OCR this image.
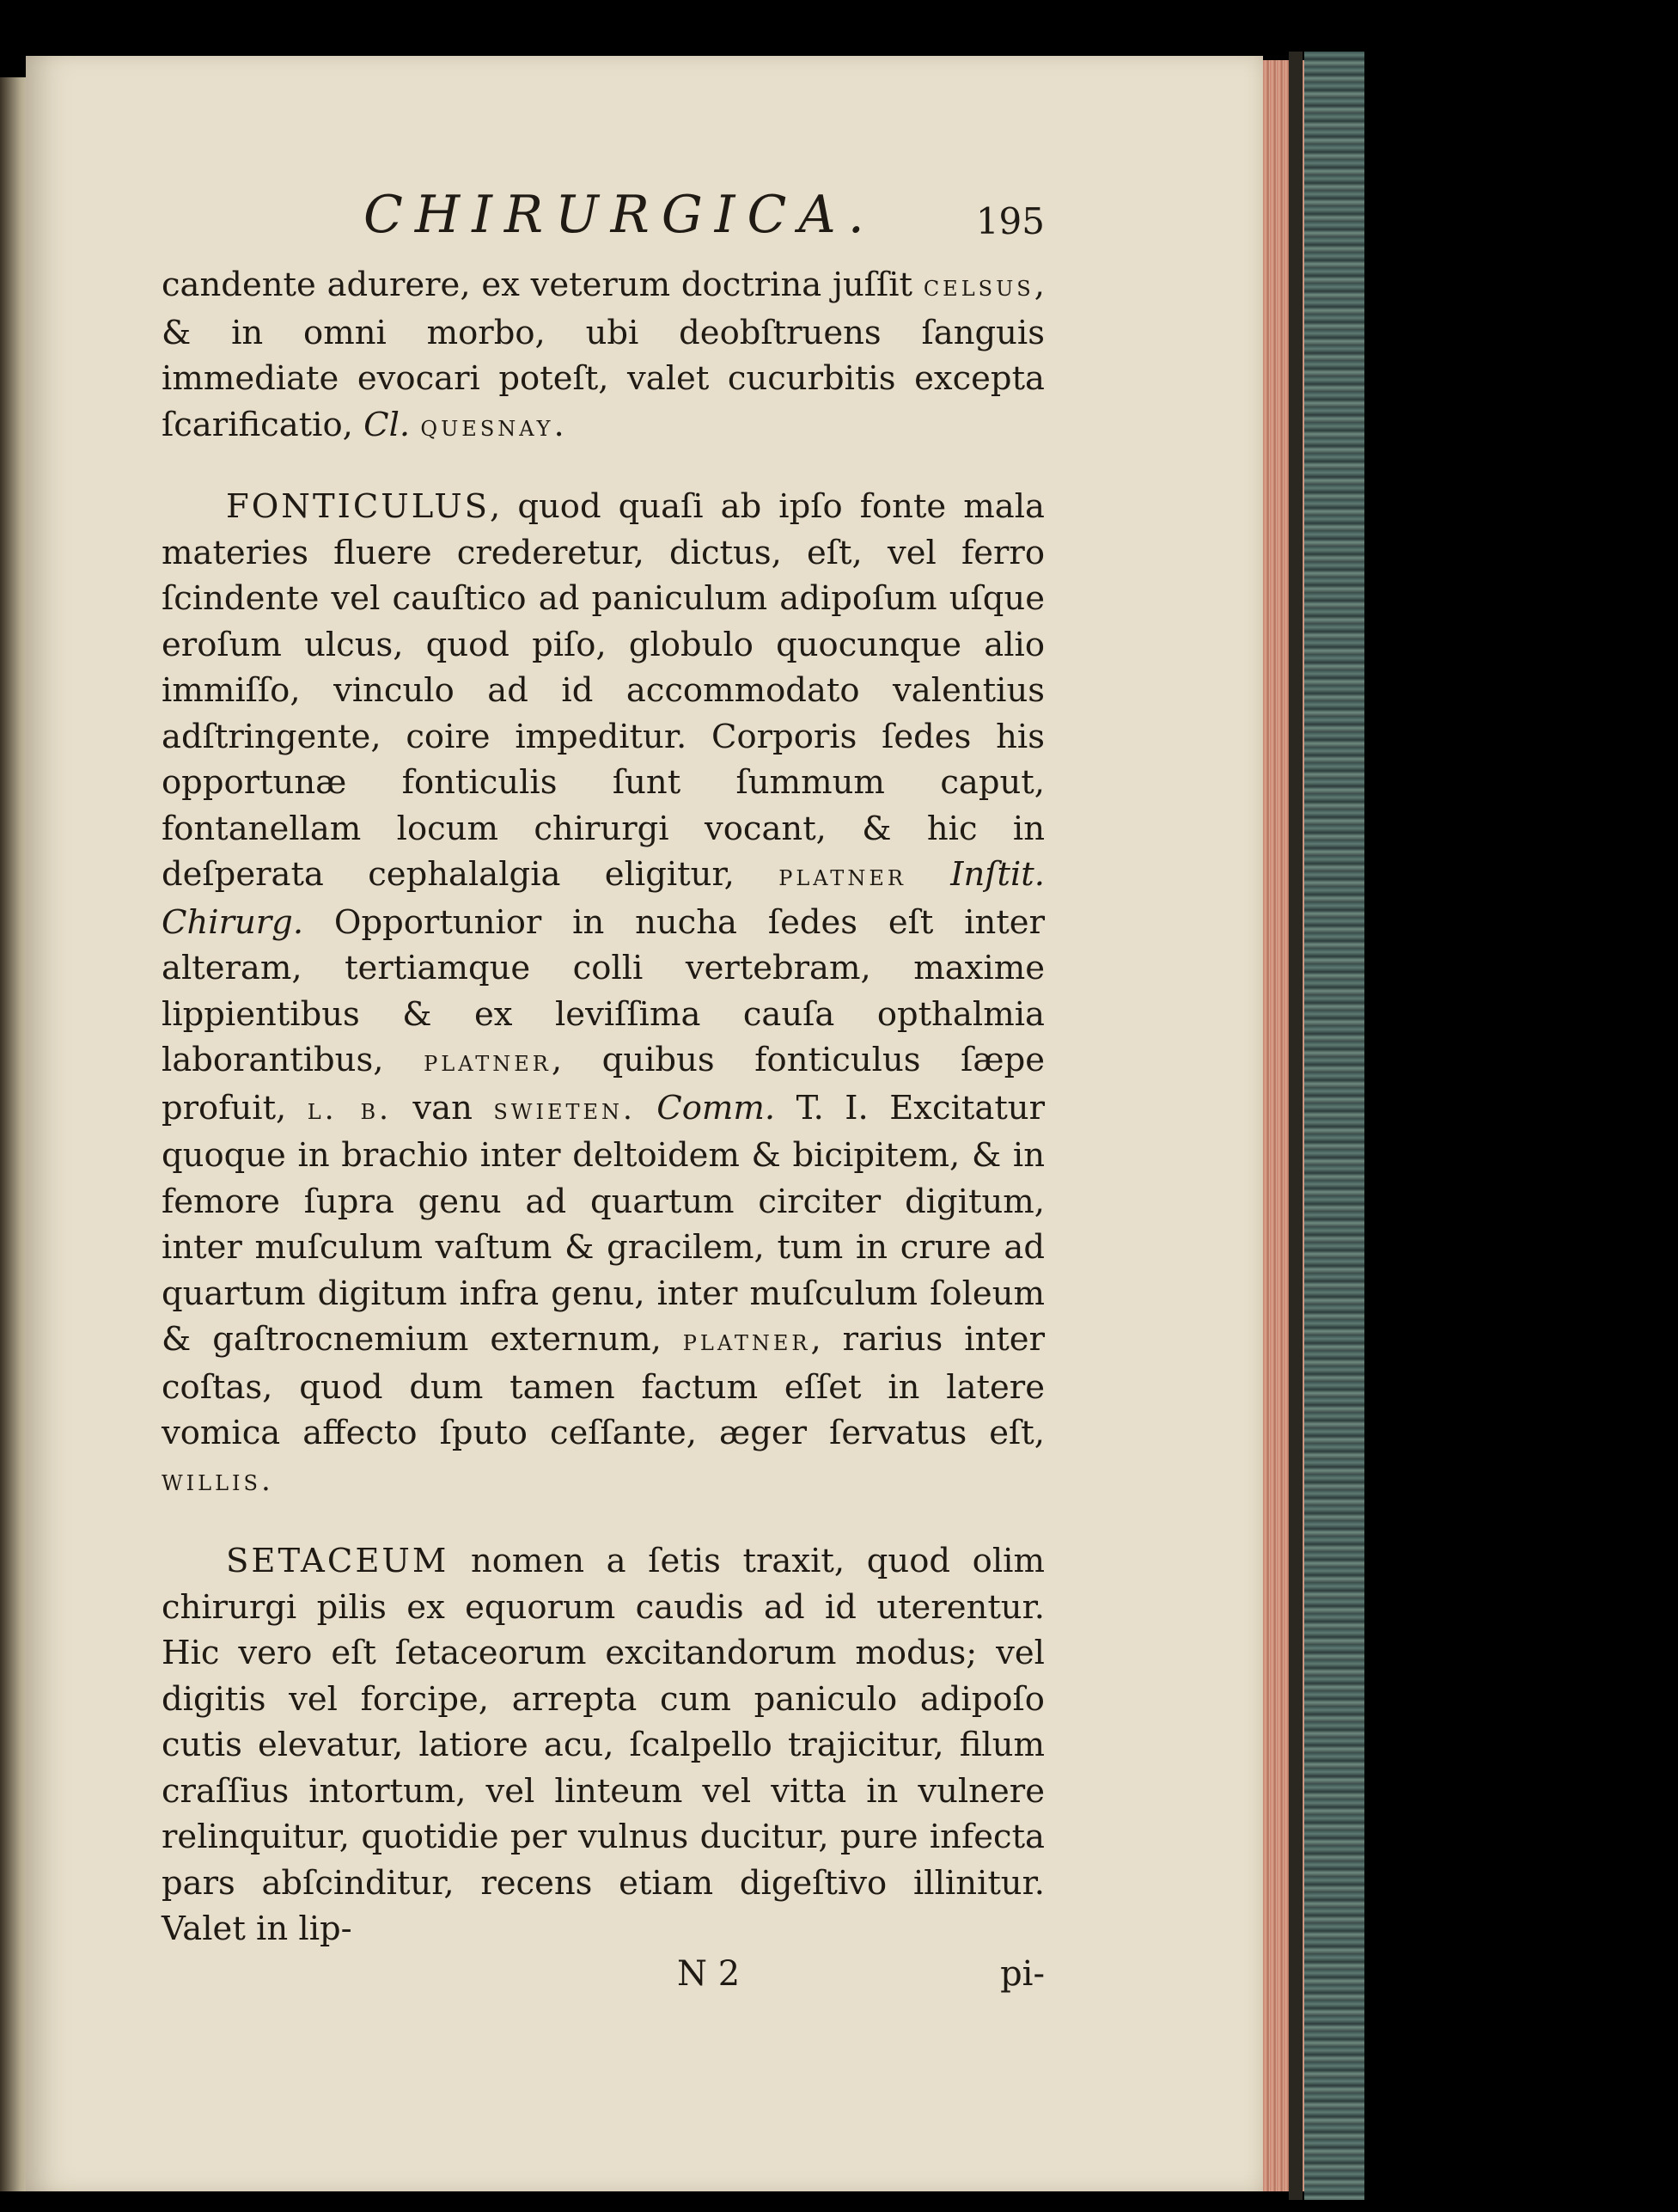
CHIRURGICA.	195

candente adurere, ex veterum doctrina juſſit celsus, & in omni morbo, ubi deobſtruens ſanguis immediate evocari poteſt, valet cucurbitis excepta ſcarificatio, Cl. quesnay.

FONTICULUS, quod quaſi ab ipſo fonte mala materies fluere crederetur, dictus, eſt, vel ferro ſcindente vel cauſtico ad paniculum adipoſum uſque eroſum ulcus, quod piſo, globulo quocunque alio immiſſo, vinculo ad id accommodato valentius adſtringente, coire impeditur. Corporis ſedes his opportunæ fonticulis ſunt ſummum caput, fontanellam locum chirurgi vocant, & hic in deſperata cephalalgia eligitur, platner Inſtit. Chirurg. Opportunior in nucha ſedes eſt inter alteram, tertiamque colli vertebram, maxime lippientibus & ex leviſſima cauſa opthalmia laborantibus, platner, quibus fonticulus ſæpe profuit, l. b. van swieten. Comm. T. I. Excitatur quoque in brachio inter deltoidem & bicipitem, & in femore ſupra genu ad quartum circiter digitum, inter muſculum vaſtum & gracilem, tum in crure ad quartum digitum infra genu, inter muſculum ſoleum & gaſtrocnemium externum, platner, rarius inter coſtas, quod dum tamen factum eſſet in latere vomica affecto ſputo ceſſante, æger ſervatus eſt, willis.

SETACEUM nomen a ſetis traxit, quod olim chirurgi pilis ex equorum caudis ad id uterentur. Hic vero eſt ſetaceorum excitandorum modus; vel digitis vel forcipe, arrepta cum paniculo adipoſo cutis elevatur, latiore acu, ſcalpello trajicitur, filum craſſius intortum, vel linteum vel vitta in vulnere relinquitur, quotidie per vulnus ducitur, pure infecta pars abſcinditur, recens etiam digeſtivo illinitur. Valet in lip-

N 2	pi-
